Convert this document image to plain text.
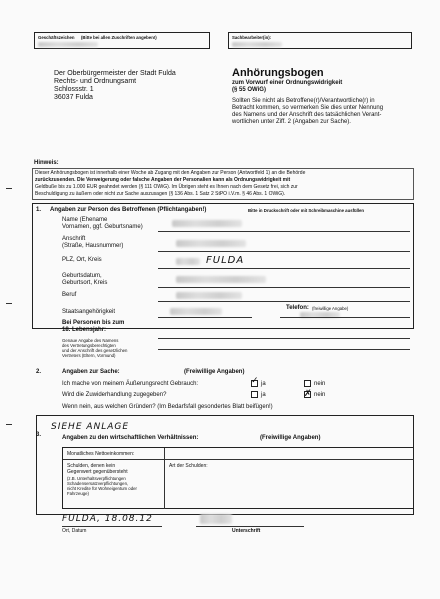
Geschäftszeichen (Bitte bei allen Zuschriften angeben!)	Sachbearbeiter(in):
Der Oberbürgermeister der Stadt Fulda
Rechts- und Ordnungsamt
Schlossstr. 1
36037 Fulda
Anhörungsbogen
zum Vorwurf einer Ordnungswidrigkeit
(§ 55 OWiG)
Sollten Sie nicht als Betroffene(r)/Verantwortliche(r) in
Betracht kommen, so vermerken Sie dies unter Nennung
des Namens und der Anschrift des tatsächlichen Verant-
wortlichen unter Ziff. 2 (Angaben zur Sache).
Hinweis:
Dieser Anhörungsbogen ist innerhalb einer Woche ab Zugang mit den Angaben zur Person (Antwortfeld 1) an die Behörde
zurückzusenden. Die Verweigerung oder falsche Angaben der Personalien kann als Ordnungswidrigkeit mit
Geldbuße bis zu 1.000 EUR geahndet werden (§ 111 OWiG). Im Übrigen steht es Ihnen nach dem Gesetz frei, sich zur
Beschuldigung zu äußern oder nicht zur Sache auszusagen (§ 136 Abs. 1 Satz 2 StPO i.V.m. § 46 Abs. 1 OWiG).
1. Angaben zur Person des Betroffenen (Pflichtangaben!)	Bitte in Druckschrift oder mit Schreibmaschine ausfüllen
Name (Ehename
Vornamen, ggf. Geburtsname)
Anschrift
(Straße, Hausnummer)
PLZ, Ort, Kreis	FULDA
Geburtsdatum,
Geburtsort, Kreis
Beruf
Staatsangehörigkeit
Telefon: (freiwillige Angabe)
Bei Personen bis zum
18. Lebensjahr:
Genaue Angabe des Namens
des Vertretungsberechtigten
und der Anschrift des gesetzlichen
Vertreters (Eltern, Vormund)
2.	Angaben zur Sache:	(Freiwillige Angaben)
Ich mache von meinem Äußerungsrecht Gebrauch:	✓ ja	nein
Wird die Zuwiderhandlung zugegeben?	ja	✗ nein
Wenn nein, aus welchen Gründen? (Im Bedarfsfall gesondertes Blatt beifügen!)
SIEHE ANLAGE
3.	Angaben zu den wirtschaftlichen Verhältnissen:	(Freiwillige Angaben)
Monatliches Nettoeinkommen:
Schulden, denen kein
Gegenwert gegenübersteht
(z.B. Unterhaltsverpflichtungen
Schadensersatzverpflichtungen,
nicht Kredite für Wohneigentum oder
Fahrzeuge)
Art der Schulden:
FULDA, 18.08.12
Ort, Datum	Unterschrift
